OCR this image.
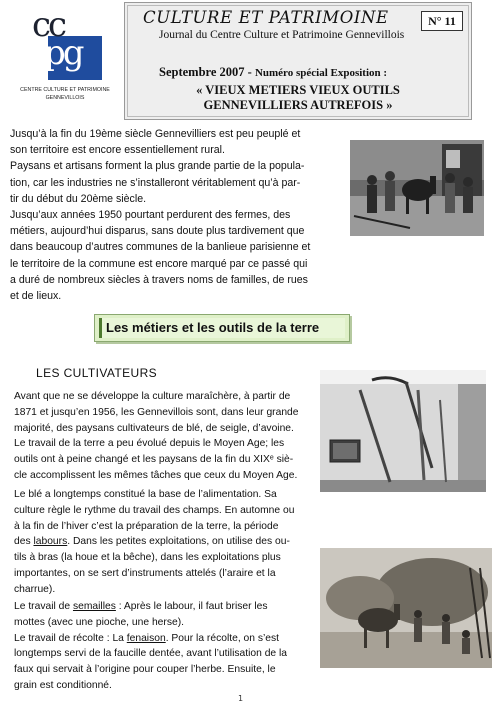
cc
pg
CENTRE CULTURE ET PATRIMOINE
GENNEVILLOIS
CULTURE ET PATRIMOINE	N° 11
Journal du Centre Culture et Patrimoine Gennevillois
Septembre 2007 - Numéro spécial Exposition :
« VIEUX METIERS VIEUX OUTILS
GENNEVILLIERS AUTREFOIS »
Jusqu’à la fin du 19ème siècle Gennevilliers est peu peuplé et
son territoire est encore essentiellement rural.
Paysans et artisans forment la plus grande partie de la popula-
tion, car les industries ne s’installeront véritablement qu’à par-
tir du début du 20ème siècle.
Jusqu’aux années 1950 pourtant perdurent des fermes, des
métiers, aujourd’hui disparus, sans doute plus tardivement que
dans beaucoup d’autres communes de la banlieue parisienne et
le territoire de la commune est encore marqué par ce passé qui
a duré de nombreux siècles à travers noms de familles, de rues
et de lieux.
Les métiers et les outils de la terre
LES CULTIVATEURS
Avant que ne se développe la culture maraîchère, à partir de
1871 et jusqu’en 1956, les Gennevillois sont, dans leur grande
majorité, des paysans cultivateurs de blé, de seigle, d’avoine.
Le travail de la terre a peu évolué depuis le Moyen Age; les
outils ont à peine changé et les paysans de la fin du XIXᵉ siè-
cle accomplissent les mêmes tâches que ceux du Moyen Age.
Le blé a longtemps constitué la base de l’alimentation. Sa
culture règle le rythme du travail des champs. En automne ou
à la fin de l’hiver c’est la préparation de la terre, la période
des labours. Dans les petites exploitations, on utilise des ou-
tils à bras (la houe et la bêche), dans les exploitations plus
importantes, on se sert d’instruments attelés (l’araire et la
charrue).
Le travail de semailles : Après le labour, il faut briser les
mottes (avec une pioche, une herse).
Le travail de récolte : La fenaison. Pour la récolte, on s’est
longtemps servi de la faucille dentée, avant l’utilisation de la
faux qui servait à l’origine pour couper l’herbe. Ensuite, le
grain est conditionné.
1
